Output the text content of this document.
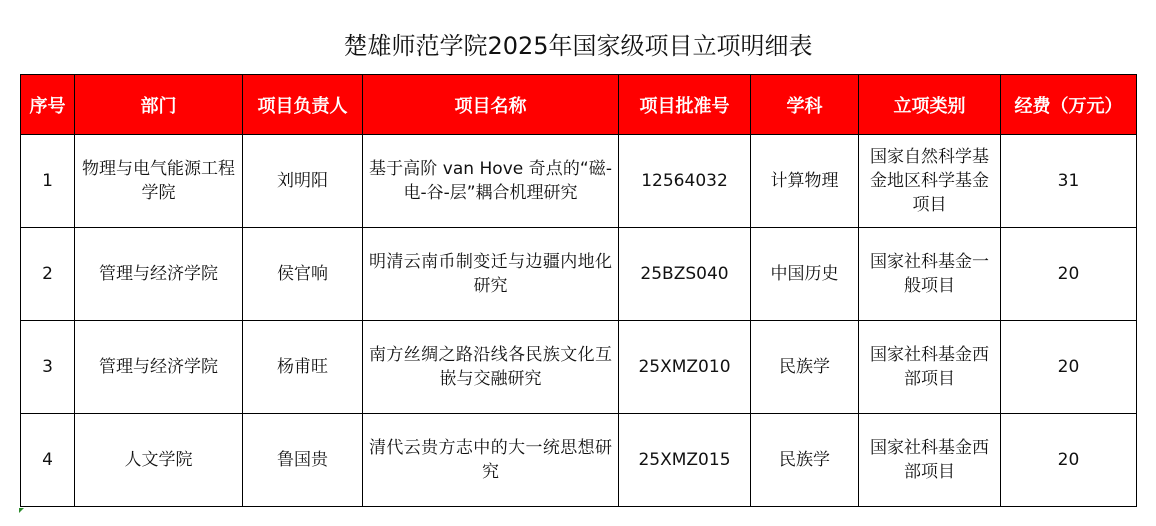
楚雄师范学院2025年国家级项目立项明细表
序号	部门	项目负责人	项目名称	项目批准号	学科	立项类别	经费（万元）
1	物理与电气能源工程学院	刘明阳	基于高阶 van Hove 奇点的“磁-电-谷-层”耦合机理研究	12564032	计算物理	国家自然科学基金地区科学基金项目	31
2	管理与经济学院	侯官响	明清云南币制变迁与边疆内地化研究	25BZS040	中国历史	国家社科基金一般项目	20
3	管理与经济学院	杨甫旺	南方丝绸之路沿线各民族文化互嵌与交融研究	25XMZ010	民族学	国家社科基金西部项目	20
4	人文学院	鲁国贵	清代云贵方志中的大一统思想研究	25XMZ015	民族学	国家社科基金西部项目	20
